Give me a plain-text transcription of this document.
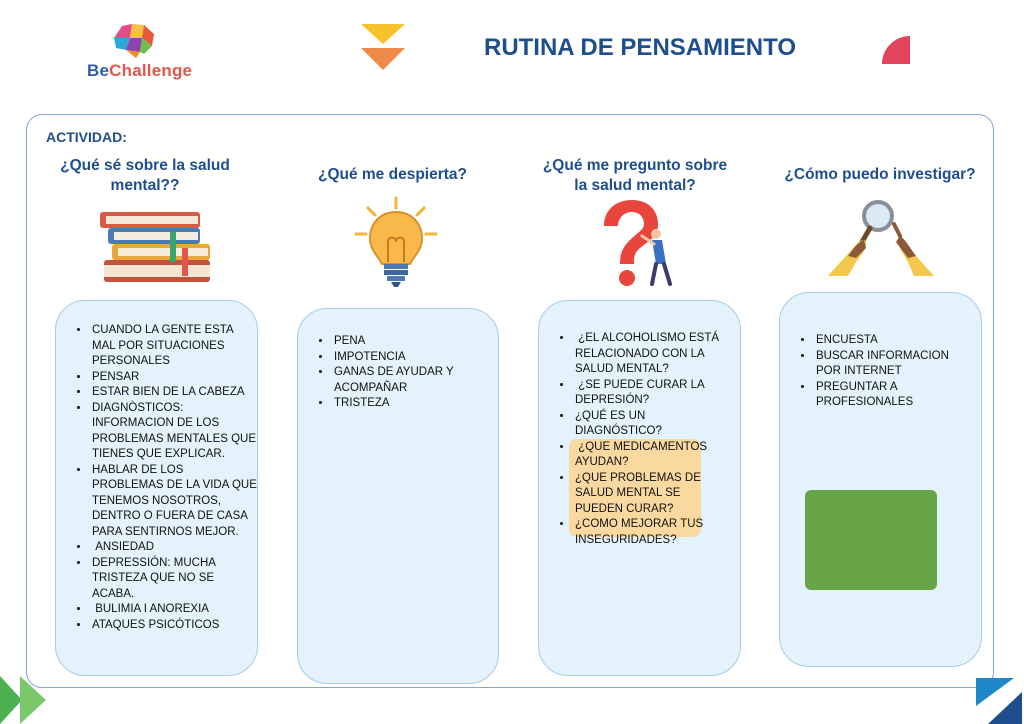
BeChallenge
RUTINA DE PENSAMIENTO
ACTIVIDAD:
¿Qué sé sobre la salud mental??
¿Qué me despierta?
¿Qué me pregunto sobre la salud mental?
¿Cómo puedo investigar?
• CUANDO LA GENTE ESTA MAL POR SITUACIONES PERSONALES
• PENSAR
• ESTAR BIEN DE LA CABEZA
• DIAGNÒSTICOS: INFORMACION DE LOS PROBLEMAS MENTALES QUE TIENES QUE EXPLICAR.
• HABLAR DE LOS PROBLEMAS DE LA VIDA QUE TENEMOS NOSOTROS, DENTRO O FUERA DE CASA PARA SENTIRNOS MEJOR.
•  ANSIEDAD
• DEPRESSIÓN: MUCHA TRISTEZA QUE NO SE ACABA.
•  BULIMIA I ANOREXIA
• ATAQUES PSICÓTICOS
• PENA
• IMPOTENCIA
• GANAS DE AYUDAR Y ACOMPAÑAR
• TRISTEZA
•  ¿EL ALCOHOLISMO ESTÁ RELACIONADO CON LA SALUD MENTAL?
•  ¿SE PUEDE CURAR LA DEPRESIÓN?
• ¿QUÉ ES UN DIAGNÓSTICO?
•  ¿QUE MEDICAMENTOS AYUDAN?
• ¿QUE PROBLEMAS DE SALUD MENTAL SE PUEDEN CURAR?
• ¿COMO MEJORAR TUS INSEGURIDADES?
• ENCUESTA
• BUSCAR INFORMACION POR INTERNET
• PREGUNTAR A PROFESIONALES
